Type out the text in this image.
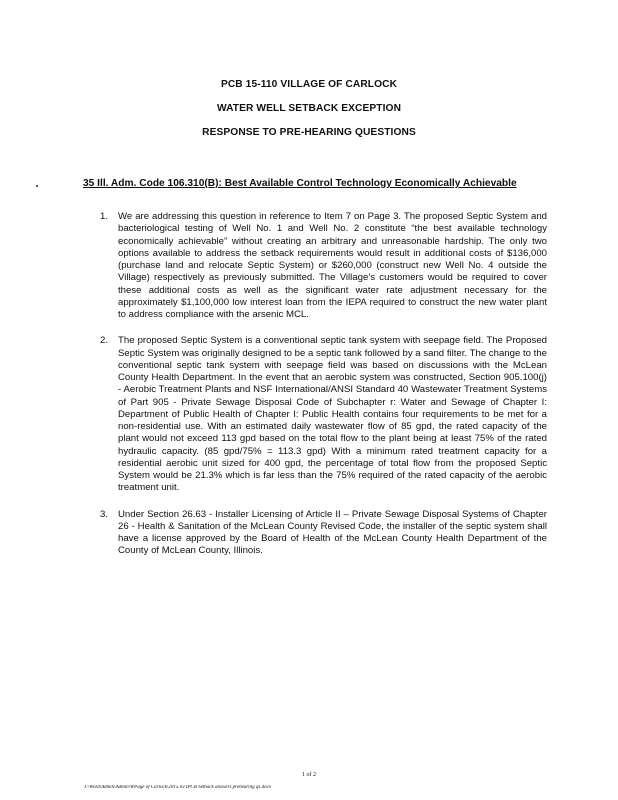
PCB 15-110 VILLAGE OF CARLOCK
WATER WELL SETBACK EXCEPTION
RESPONSE TO PRE-HEARING QUESTIONS
35 Ill. Adm. Code 106.310(B): Best Available Control Technology Economically Achievable
1. We are addressing this question in reference to Item 7 on Page 3. The proposed Septic System and bacteriological testing of Well No. 1 and Well No. 2 constitute “the best available technology economically achievable” without creating an arbitrary and unreasonable hardship. The only two options available to address the setback requirements would result in additional costs of $136,000 (purchase land and relocate Septic System) or $260,000 (construct new Well No. 4 outside the Village) respectively as previously submitted. The Village’s customers would be required to cover these additional costs as well as the significant water rate adjustment necessary for the approximately $1,100,000 low interest loan from the IEPA required to construct the new water plant to address compliance with the arsenic MCL.
2. The proposed Septic System is a conventional septic tank system with seepage field. The Proposed Septic System was originally designed to be a septic tank followed by a sand filter. The change to the conventional septic tank system with seepage field was based on discussions with the McLean County Health Department. In the event that an aerobic system was constructed, Section 905.100(j) - Aerobic Treatment Plants and NSF International/ANSI Standard 40 Wastewater Treatment Systems of Part 905 - Private Sewage Disposal Code of Subchapter r: Water and Sewage of Chapter I: Department of Public Health of Chapter I: Public Health contains four requirements to be met for a non-residential use. With an estimated daily wastewater flow of 85 gpd, the rated capacity of the plant would not exceed 113 gpd based on the total flow to the plant being at least 75% of the rated hydraulic capacity. (85 gpd/75% = 113.3 gpd) With a minimum rated treatment capacity for a residential aerobic unit sized for 400 gpd, the percentage of total flow from the proposed Septic System would be 21.3% which is far less than the 75% required of the rated capacity of the aerobic treatment unit.
3. Under Section 26.63 - Installer Licensing of Article II – Private Sewage Disposal Systems of Chapter 26 - Health & Sanitation of the McLean County Revised Code, the installer of the septic system shall have a license approved by the Board of Health of the McLean County Health Department of the County of McLean County, Illinois.
1 of 2
J:\Word\Admin\Admin\WPage of Carlock\2015.03 IPCB Setback answers prehearing qs.docx
